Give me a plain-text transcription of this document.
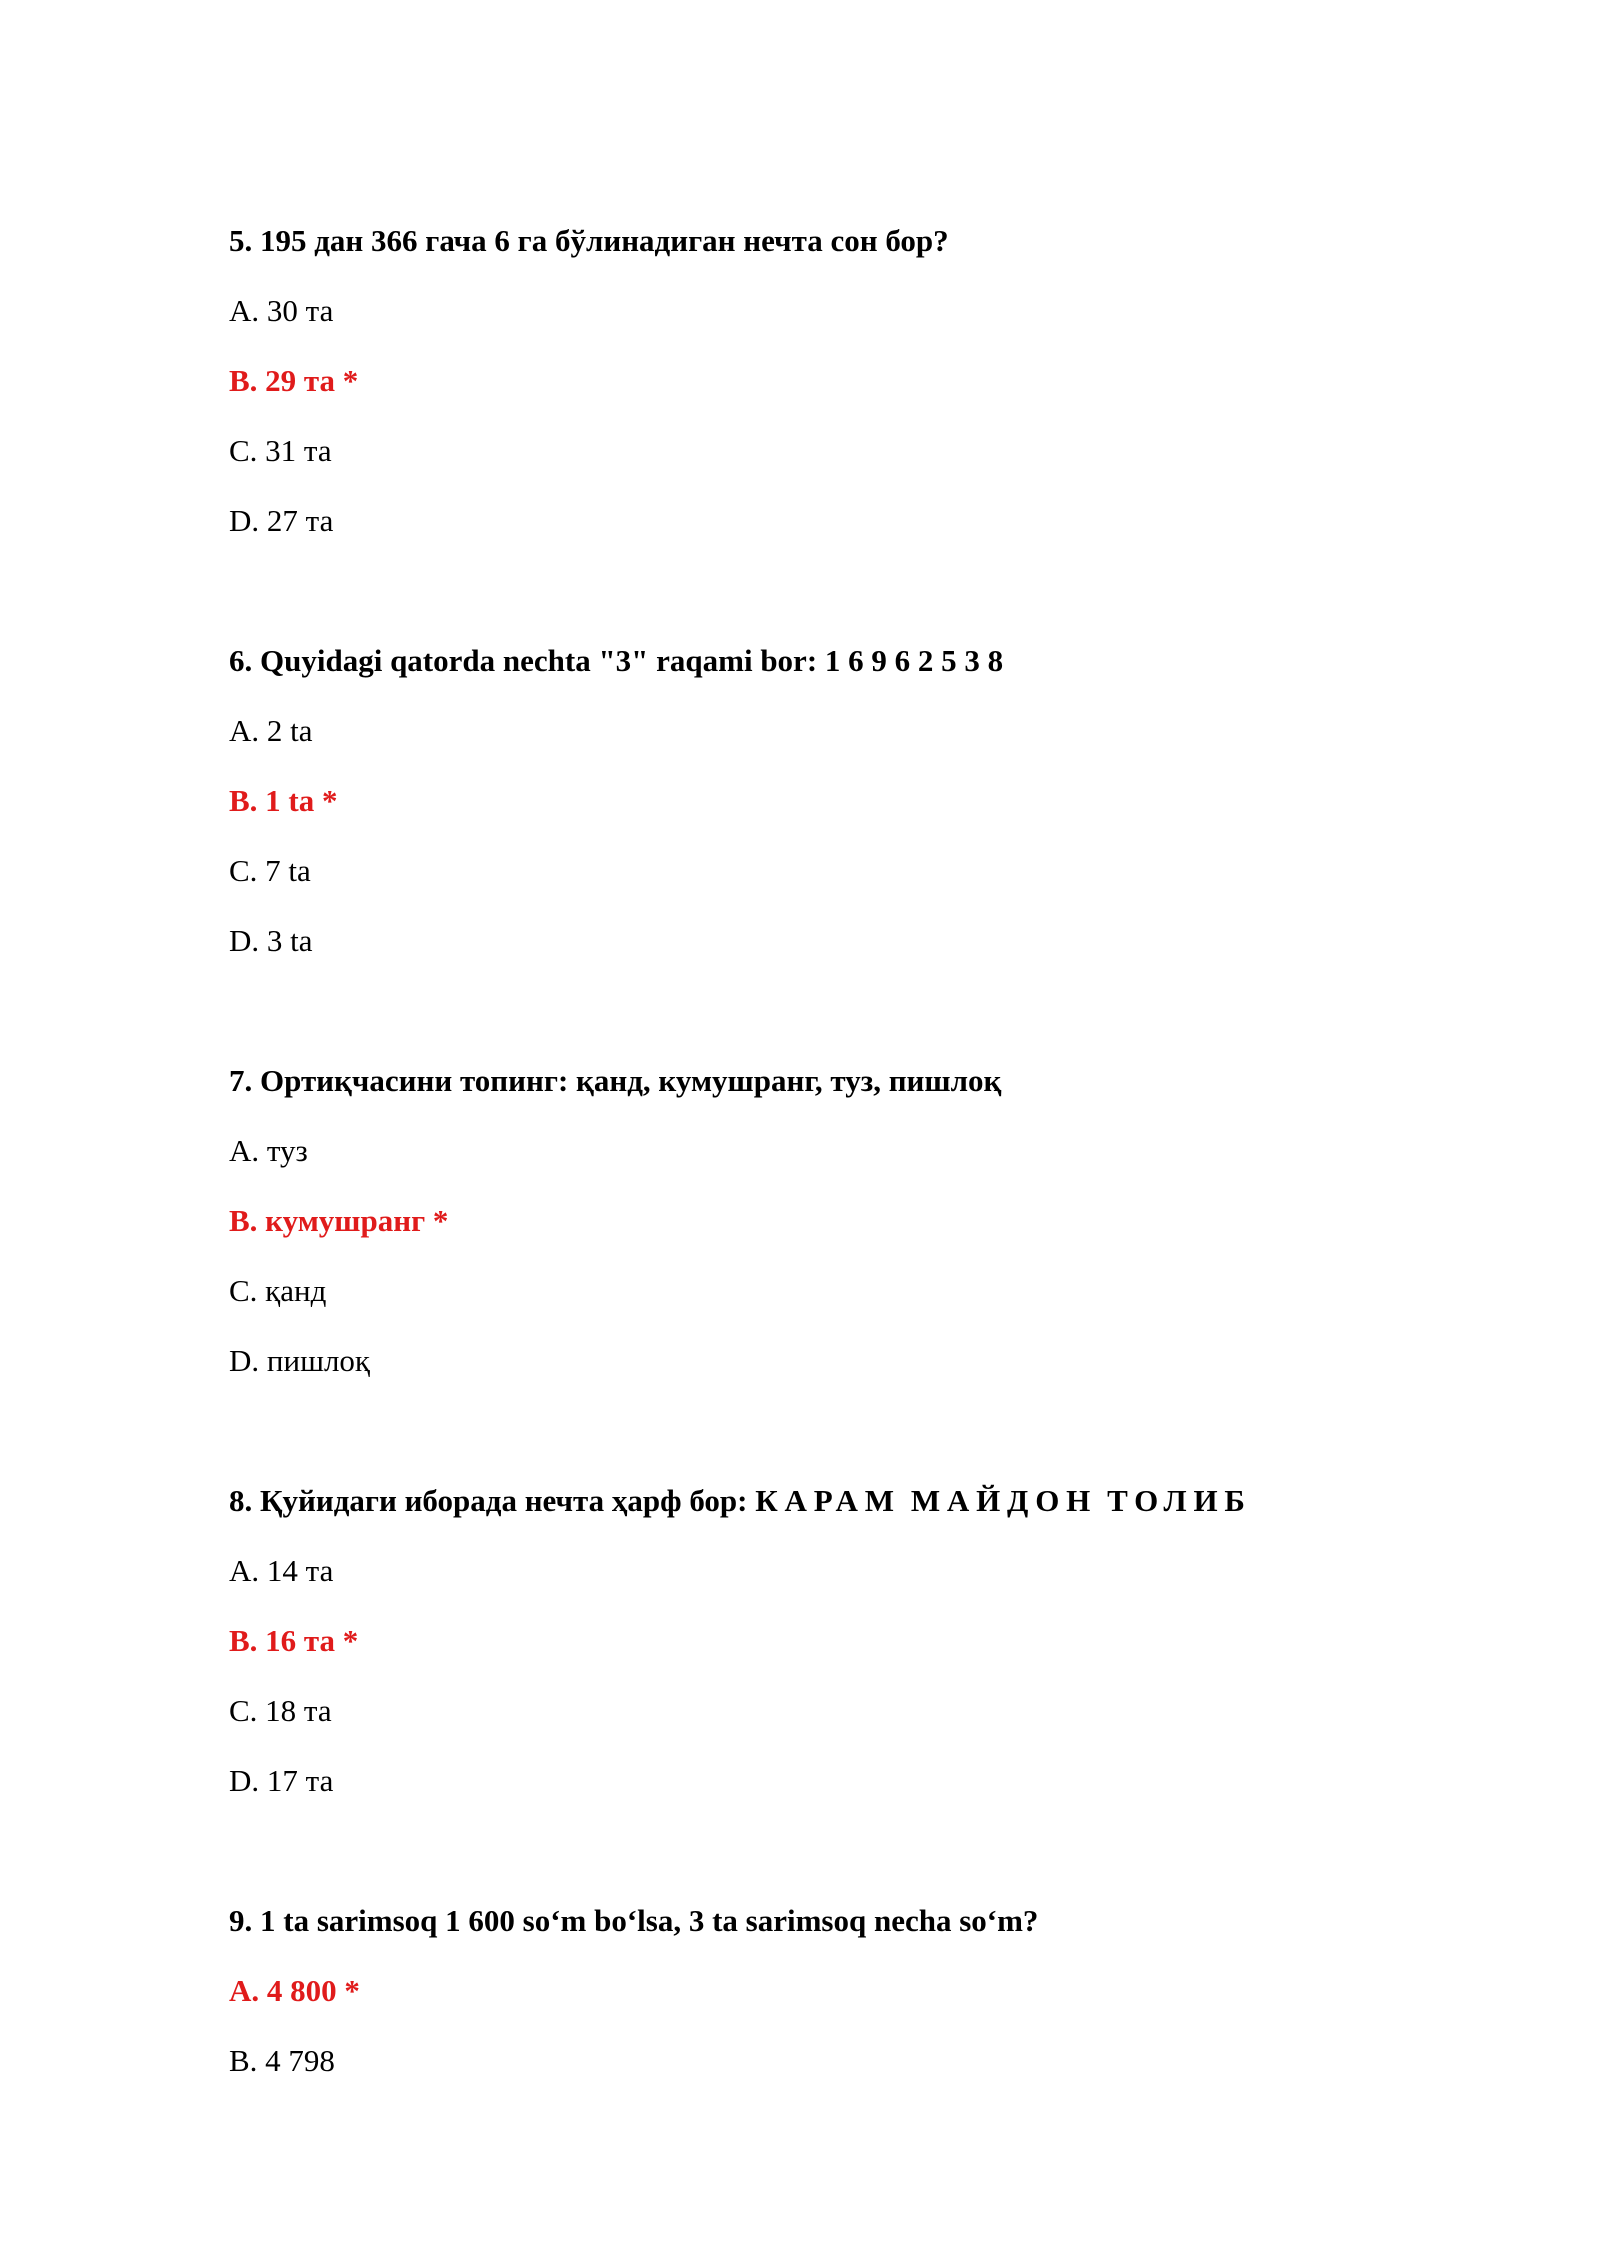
5. 195 дан 366 гача 6 га бўлинадиган нечта сон бор?
A. 30 та
B. 29 та *
C. 31 та
D. 27 та
6. Quyidagi qatorda nechta "3" raqami bor: 1 6 9 6 2 5 3 8
A. 2 ta
B. 1 ta *
C. 7 ta
D. 3 ta
7. Ортиқчасини топинг: қанд, кумушранг, туз, пишлоқ
A. туз
B. кумушранг *
C. қанд
D. пишлоқ
8. Қуйидаги иборада нечта ҳарф бор: КАРАМ МАЙДОН ТОЛИБ
A. 14 та
B. 16 та *
C. 18 та
D. 17 та
9. 1 ta sarimsoq 1 600 so‘m bo‘lsa, 3 ta sarimsoq necha so‘m?
A. 4 800 *
B. 4 798
